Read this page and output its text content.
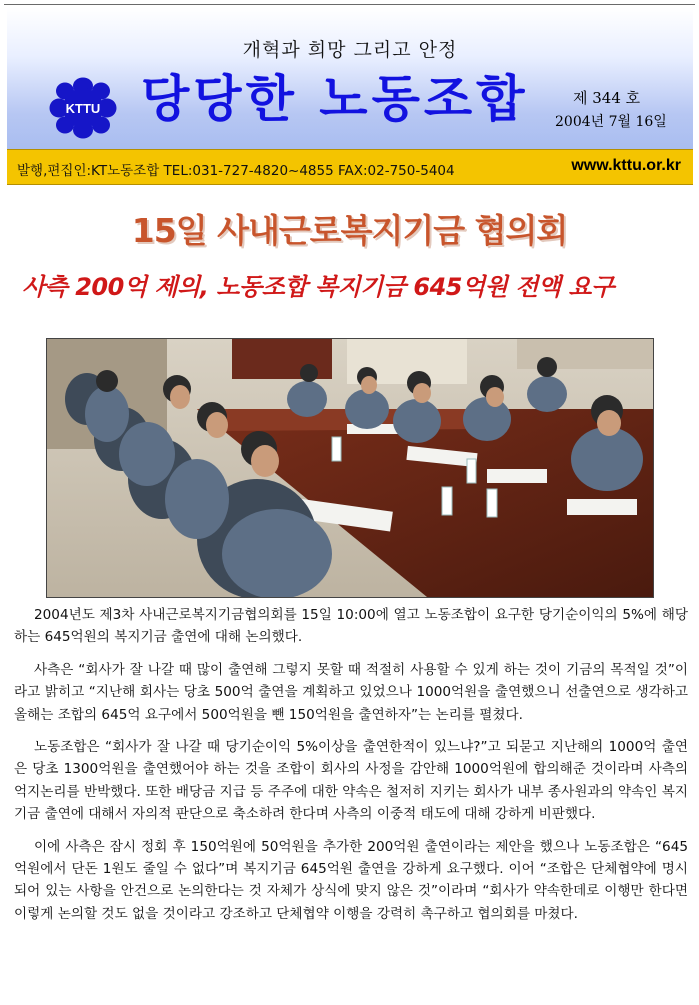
개혁과 희망 그리고 안정
KTTU 당당한 노동조합	제 344 호
2004년 7월 16일
발행,편집인:KT노동조합 TEL:031-727-4820~4855 FAX:02-750-5404	www.kttu.or.kr
15일 사내근로복지기금 협의회
사측 200억 제의, 노동조합 복지기금 645억원 전액 요구

2004년도 제3차 사내근로복지기금협의회를 15일 10:00에 열고 노동조합이 요구한 당기순이익의 5%에 해당하는 645억원의 복지기금 출연에 대해 논의했다.

사측은 “회사가 잘 나갈 때 많이 출연해 그렇지 못할 때 적절히 사용할 수 있게 하는 것이 기금의 목적일 것”이라고 밝히고 “지난해 회사는 당초 500억 출연을 계획하고 있었으나 1000억원을 출연했으니 선출연으로 생각하고 올해는 조합의 645억 요구에서 500억원을 뺀 150억원을 출연하자”는 논리를 펼쳤다.

노동조합은 “회사가 잘 나갈 때 당기순이익 5%이상을 출연한적이 있느냐?”고 되묻고 지난해의 1000억 출연은 당초 1300억원을 출연했어야 하는 것을 조합이 회사의 사정을 감안해 1000억원에 합의해준 것이라며 사측의 억지논리를 반박했다. 또한 배당금 지급 등 주주에 대한 약속은 철저히 지키는 회사가 내부 종사원과의 약속인 복지기금 출연에 대해서 자의적 판단으로 축소하려 한다며 사측의 이중적 태도에 대해 강하게 비판했다.

이에 사측은 잠시 정회 후 150억원에 50억원을 추가한 200억원 출연이라는 제안을 했으나 노동조합은 “645억원에서 단돈 1원도 줄일 수 없다”며 복지기금 645억원 출연을 강하게 요구했다. 이어 “조합은 단체협약에 명시되어 있는 사항을 안건으로 논의한다는 것 자체가 상식에 맞지 않은 것”이라며 “회사가 약속한데로 이행만 한다면 이렇게 논의할 것도 없을 것이라고 강조하고 단체협약 이행을 강력히 촉구하고 협의회를 마쳤다.
